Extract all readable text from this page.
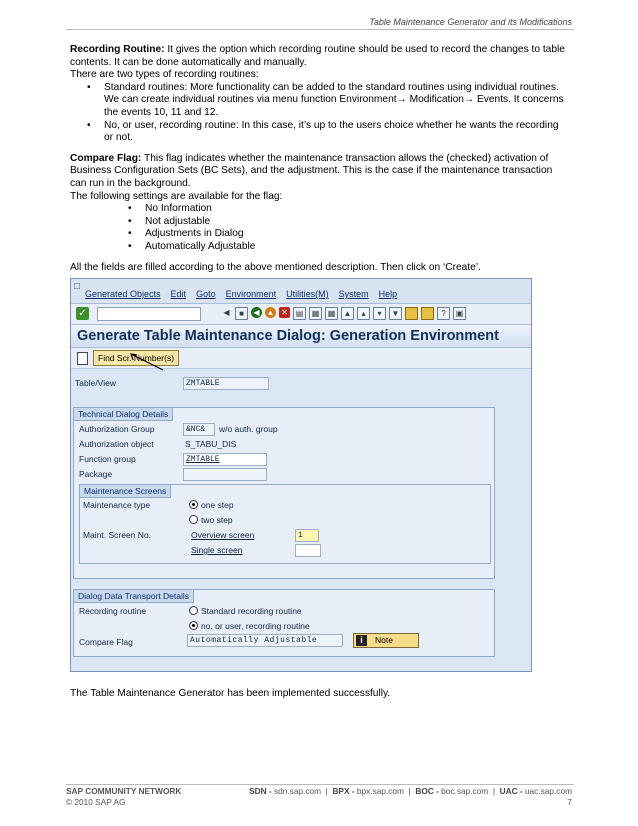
Table Maintenance Generator and its Modifications

Recording Routine: It gives the option which recording routine should be used to record the changes to table contents. It can be done automatically and manually.

There are two types of recording routines:

• Standard routines: More functionality can be added to the standard routines using individual routines. We can create individual routines via menu function Environment→ Modification→ Events. It concerns the events 10, 11 and 12.
• No, or user, recording routine: In this case, it’s up to the users choice whether he wants the recording or not.

Compare Flag: This flag indicates whether the maintenance transaction allows the (checked) activation of Business Configuration Sets (BC Sets), and the adjustment. This is the case if the maintenance transaction can run in the background.

The following settings are available for the flag:

• No Information
• Not adjustable
• Adjustments in Dialog
• Automatically Adjustable

All the fields are filled according to the above mentioned description. Then click on ‘Create’.

□
Generated Objects Edit Goto Environment Utilities(M) System Help
✓	◀	■	◀ ▲ ✕ ▤	▦	▦	▲	▴	▾	▼	?	▣
Generate Table Maintenance Dialog: Generation Environment
Find Scr. Number(s)
Table/View	ZMTABLE
Technical Dialog Details
Authorization Group	&NC&	w/o auth. group
Authorization object	S_TABU_DIS
Function group	ZMTABLE
Package
Maintenance Screens
Maintenance type	one step
two step
Maint. Screen No.	Overview screen	1
Single screen
Dialog Data Transport Details
Recording routine	Standard recording routine
no, or user, recording routine
Compare Flag	Automatically Adjustable	i	Note
The Table Maintenance Generator has been implemented successfully.
SAP COMMUNITY NETWORK
© 2010 SAP AG
SDN - sdn.sap.com  |  BPX - bpx.sap.com  |  BOC - boc.sap.com  |  UAC - uac.sap.com
7
